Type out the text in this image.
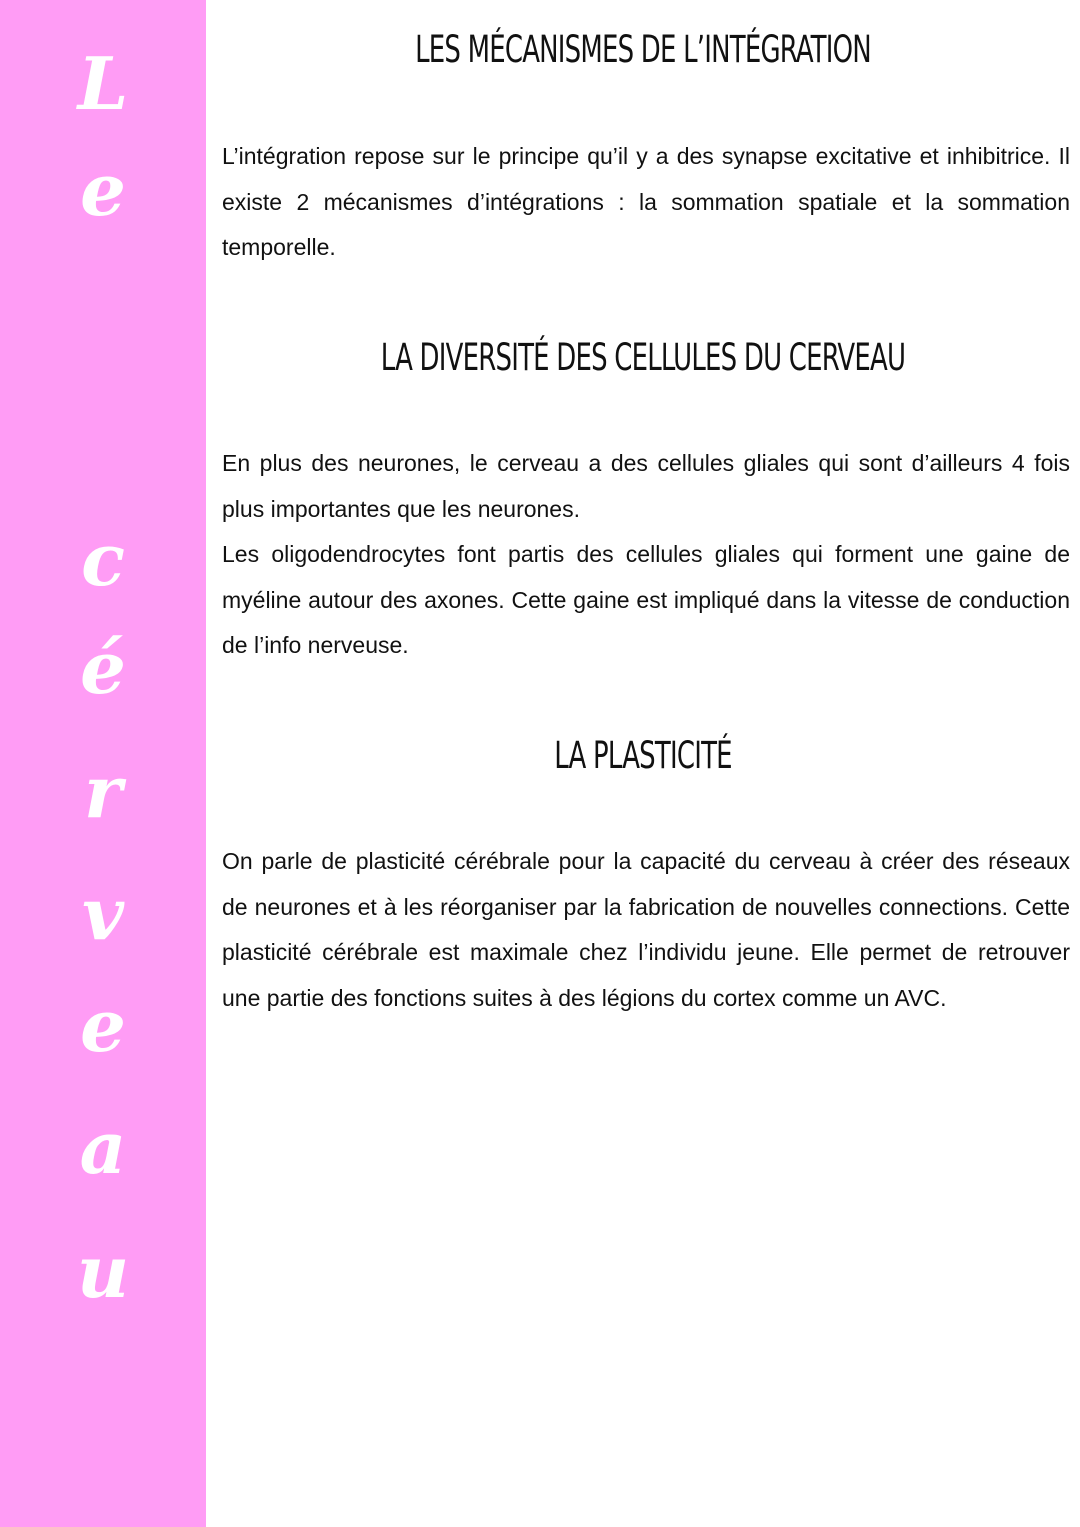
L
e
c
é
r
v
e
a
u
LES MÉCANISMES DE L’INTÉGRATION

L’intégration repose sur le principe qu’il y a des synapse excitative et inhibitrice. Il existe 2 mécanismes d’intégrations : la sommation spatiale et la sommation temporelle.

LA DIVERSITÉ DES CELLULES DU CERVEAU

En plus des neurones, le cerveau a des cellules gliales qui sont d’ailleurs 4 fois plus importantes que les neurones.

Les oligodendrocytes font partis des cellules gliales qui forment une gaine de myéline autour des axones. Cette gaine est impliqué dans la vitesse de conduction de l’info nerveuse.

LA PLASTICITÉ

On parle de plasticité cérébrale pour la capacité du cerveau à créer des réseaux de neurones et à les réorganiser par la fabrication de nouvelles connections. Cette plasticité cérébrale est maximale chez l’individu jeune. Elle permet de retrouver une partie des fonctions suites à des légions du cortex comme un AVC.
